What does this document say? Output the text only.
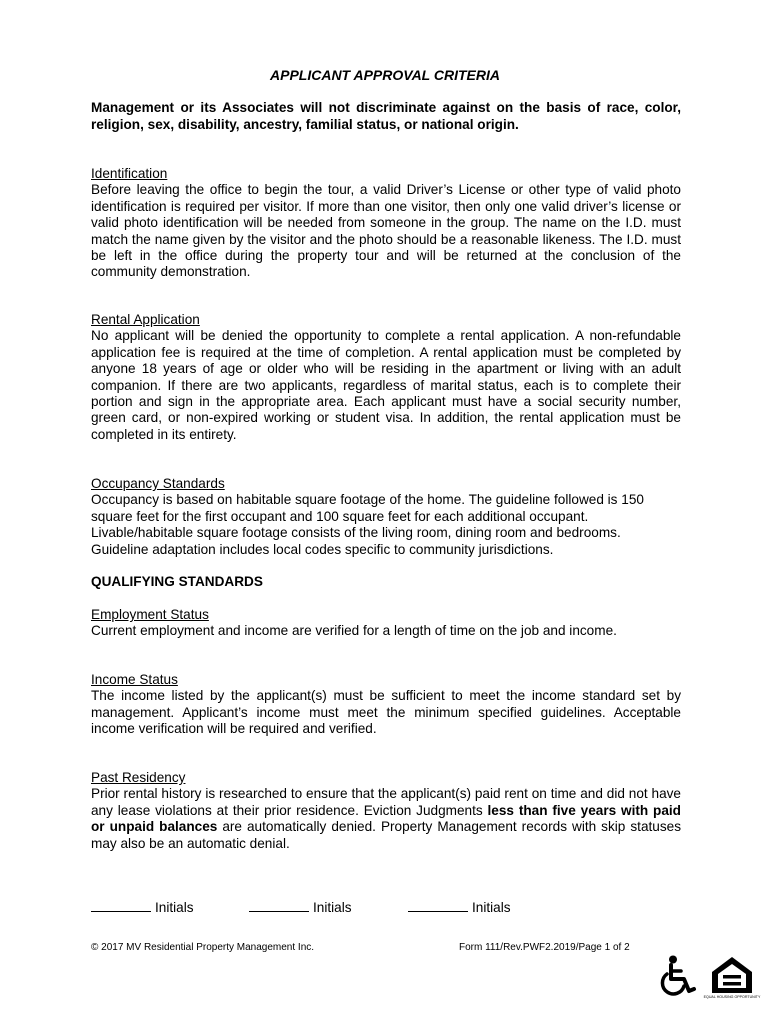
APPLICANT APPROVAL CRITERIA
Management or its Associates will not discriminate against on the basis of race, color, religion, sex, disability, ancestry, familial status, or national origin.
Identification
Before leaving the office to begin the tour, a valid Driver’s License or other type of valid photo identification is required per visitor. If more than one visitor, then only one valid driver’s license or valid photo identification will be needed from someone in the group. The name on the I.D. must match the name given by the visitor and the photo should be a reasonable likeness. The I.D. must be left in the office during the property tour and will be returned at the conclusion of the community demonstration.
Rental Application
No applicant will be denied the opportunity to complete a rental application. A non-refundable application fee is required at the time of completion. A rental application must be completed by anyone 18 years of age or older who will be residing in the apartment or living with an adult companion. If there are two applicants, regardless of marital status, each is to complete their portion and sign in the appropriate area. Each applicant must have a social security number, green card, or non-expired working or student visa. In addition, the rental application must be completed in its entirety.
Occupancy Standards
Occupancy is based on habitable square footage of the home. The guideline followed is 150
square feet for the first occupant and 100 square feet for each additional occupant.
Livable/habitable square footage consists of the living room, dining room and bedrooms.
Guideline adaptation includes local codes specific to community jurisdictions.
QUALIFYING STANDARDS
Employment Status
Current employment and income are verified for a length of time on the job and income.
Income Status
The income listed by the applicant(s) must be sufficient to meet the income standard set by management. Applicant’s income must meet the minimum specified guidelines. Acceptable income verification will be required and verified.
Past Residency
Prior rental history is researched to ensure that the applicant(s) paid rent on time and did not have any lease violations at their prior residence. Eviction Judgments less than five years with paid or unpaid balances are automatically denied. Property Management records with skip statuses may also be an automatic denial.
Initials	Initials	Initials
© 2017 MV Residential Property Management Inc.	Form 111/Rev.PWF2.2019/Page 1 of 2
EQUAL HOUSING OPPORTUNITY
